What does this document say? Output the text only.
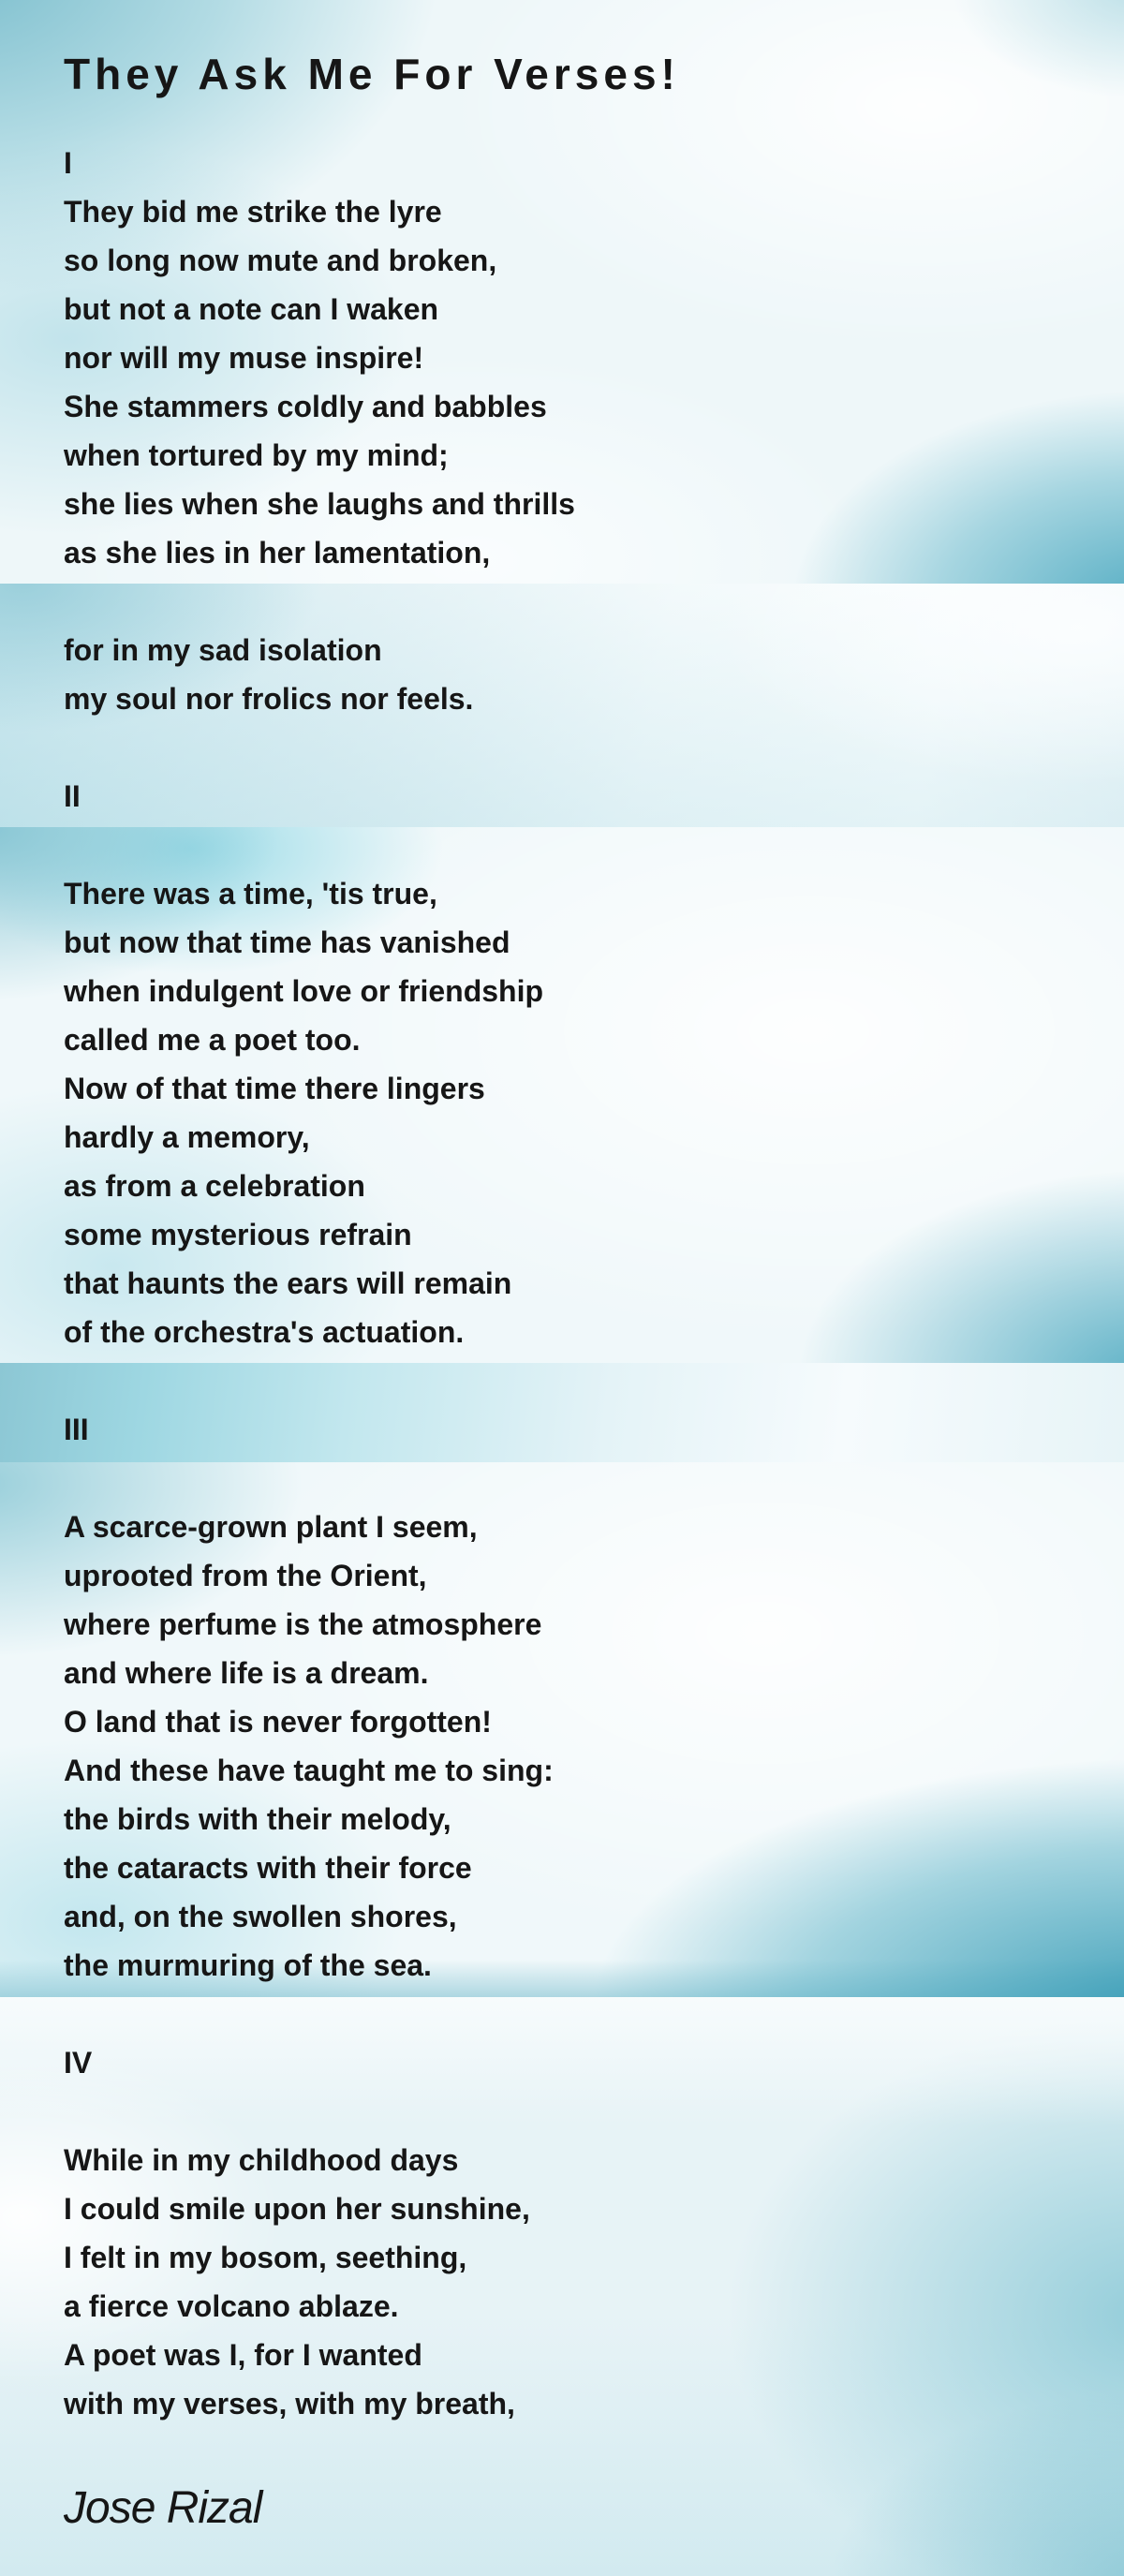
They Ask Me For Verses!
I
They bid me strike the lyre
so long now mute and broken,
but not a note can I waken
nor will my muse inspire!
She stammers coldly and babbles
when tortured by my mind;
she lies when she laughs and thrills
as she lies in her lamentation,
for in my sad isolation
my soul nor frolics nor feels.
II
There was a time, 'tis true,
but now that time has vanished
when indulgent love or friendship
called me a poet too.
Now of that time there lingers
hardly a memory,
as from a celebration
some mysterious refrain
that haunts the ears will remain
of the orchestra's actuation.
III
A scarce-grown plant I seem,
uprooted from the Orient,
where perfume is the atmosphere
and where life is a dream.
O land that is never forgotten!
And these have taught me to sing:
the birds with their melody,
the cataracts with their force
and, on the swollen shores,
the murmuring of the sea.
IV
While in my childhood days
I could smile upon her sunshine,
I felt in my bosom, seething,
a fierce volcano ablaze.
A poet was I, for I wanted
with my verses, with my breath,
Jose Rizal
